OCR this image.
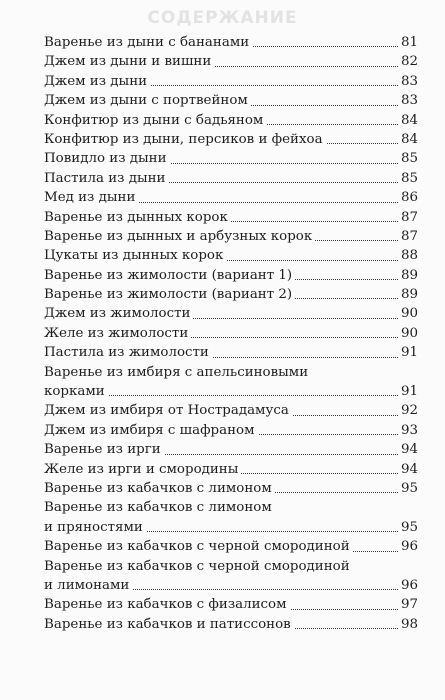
СОДЕРЖАНИЕ
Варенье из дыни с бананами	81
Джем из дыни и вишни	82
Джем из дыни	83
Джем из дыни с портвейном	83
Конфитюр из дыни с бадьяном	84
Конфитюр из дыни, персиков и фейхоа	84
Повидло из дыни	85
Пастила из дыни	85
Мед из дыни	86
Варенье из дынных корок	87
Варенье из дынных и арбузных корок	87
Цукаты из дынных корок	88
Варенье из жимолости (вариант 1)	89
Варенье из жимолости (вариант 2)	89
Джем из жимолости	90
Желе из жимолости	90
Пастила из жимолости	91
Варенье из имбиря с апельсиновыми
корками	91
Джем из имбиря от Нострадамуса	92
Джем из имбиря с шафраном	93
Варенье из ирги	94
Желе из ирги и смородины	94
Варенье из кабачков с лимоном	95
Варенье из кабачков с лимоном
и пряностями	95
Варенье из кабачков с черной смородиной	96
Варенье из кабачков с черной смородиной
и лимонами	96
Варенье из кабачков с физалисом	97
Варенье из кабачков и патиссонов	98
